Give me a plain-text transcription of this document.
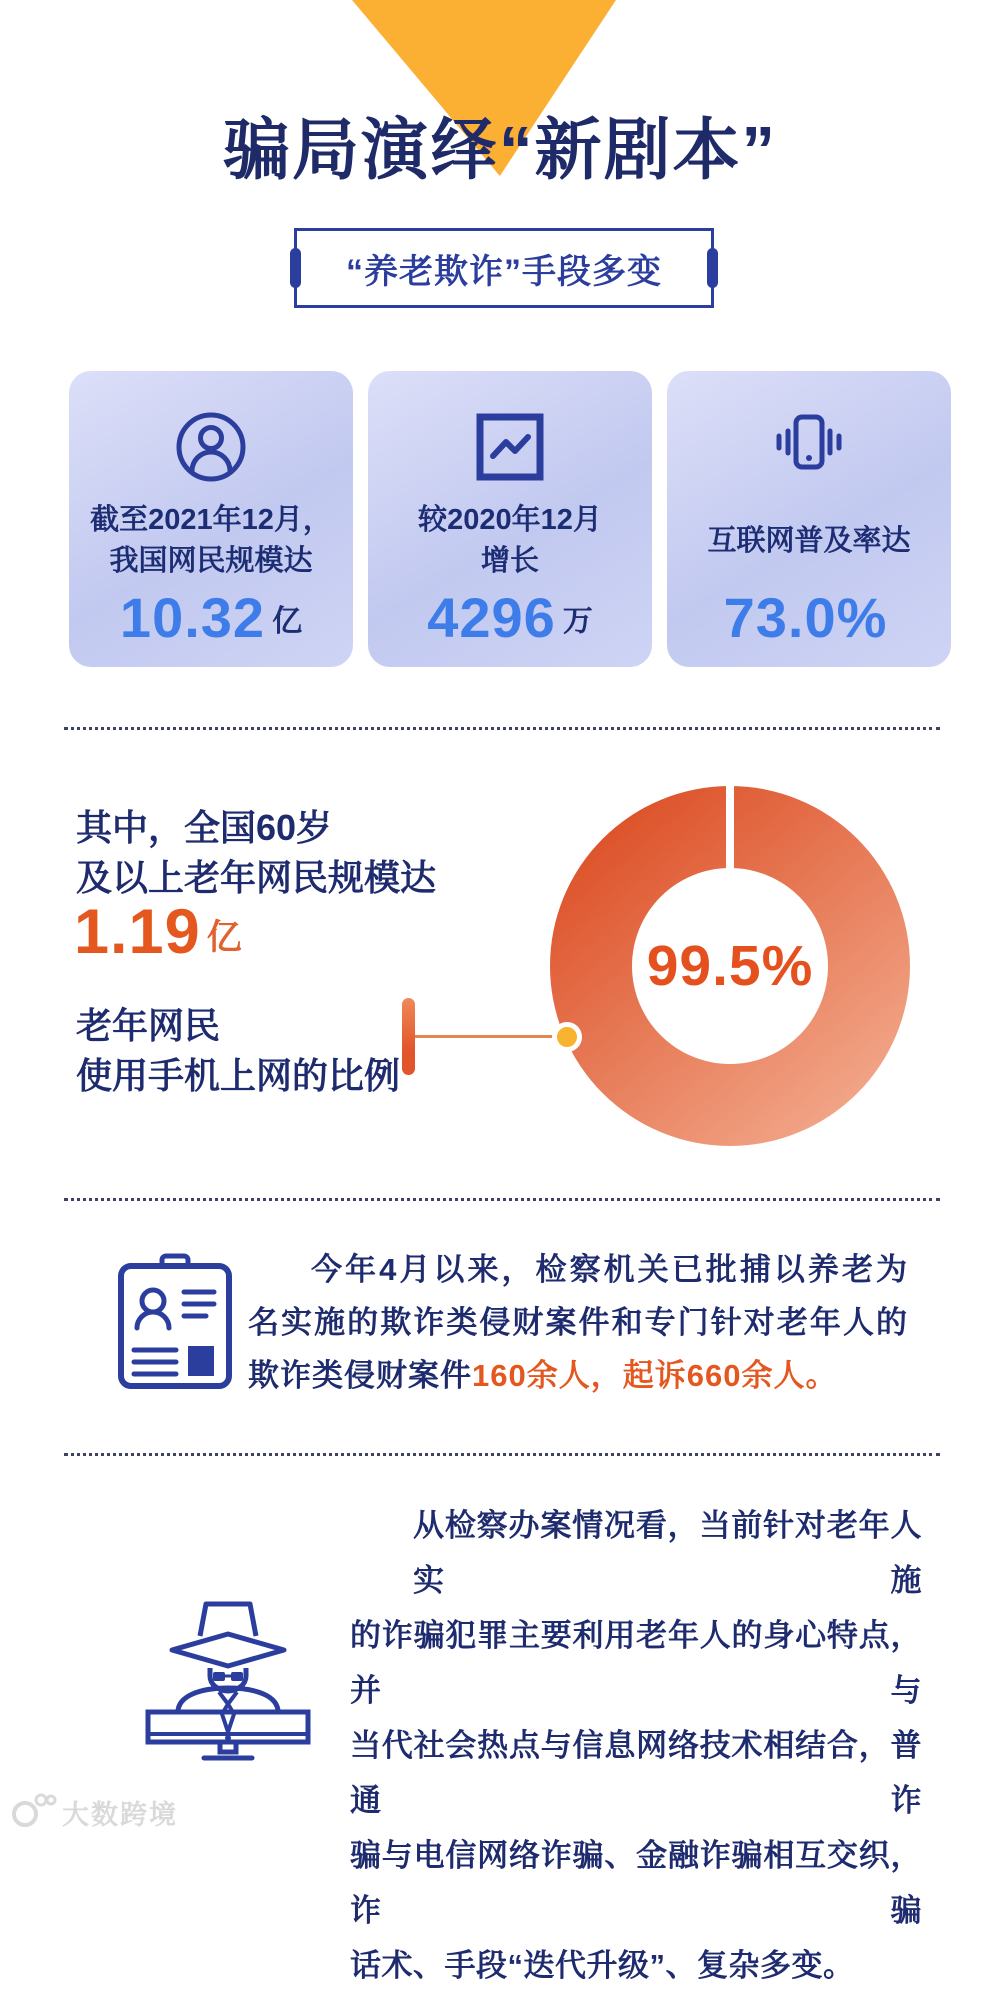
骗局演绎“新剧本”
“养老欺诈”手段多变
截至2021年12月，
我国网民规模达
10.32 亿
较2020年12月
增长
4296 万
互联网普及率达
73.0%
其中，全国60岁
及以上老年网民规模达
1.19 亿
老年网民
使用手机上网的比例
99.5%
今年4月以来，检察机关已批捕以养老为
名实施的欺诈类侵财案件和专门针对老年人的
欺诈类侵财案件160余人，起诉660余人。
从检察办案情况看，当前针对老年人实施
的诈骗犯罪主要利用老年人的身心特点，并与
当代社会热点与信息网络技术相结合，普通诈
骗与电信网络诈骗、金融诈骗相互交织，诈骗
话术、手段“迭代升级”、复杂多变。
大数跨境
